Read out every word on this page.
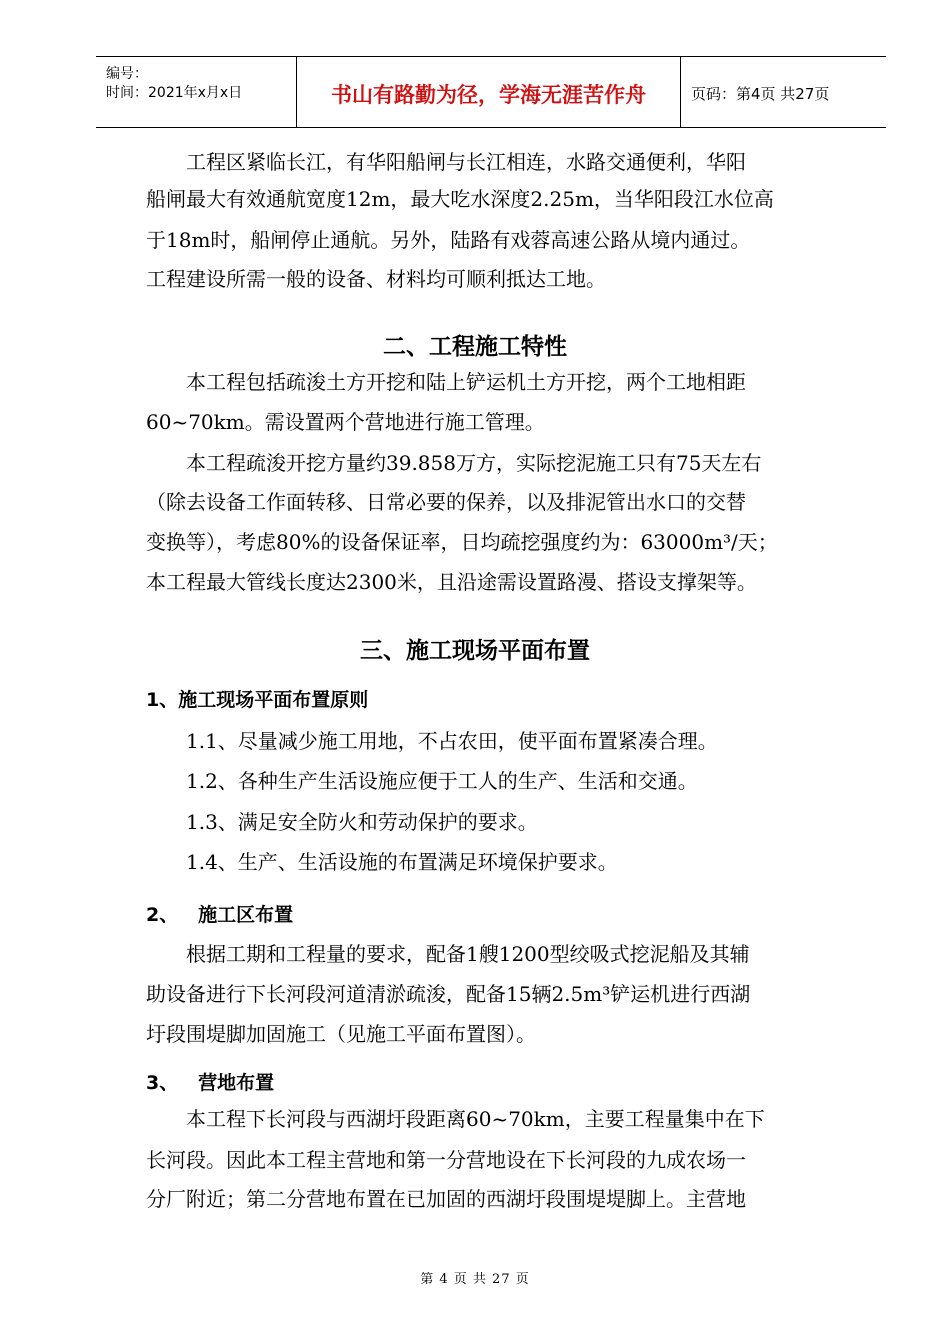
编号：
时间：2021年x月x日	书山有路勤为径，学海无涯苦作舟	页码：第4页 共27页
工程区紧临长江，有华阳船闸与长江相连，水路交通便利，华阳
船闸最大有效通航宽度12m，最大吃水深度2.25m，当华阳段江水位高
于18m时，船闸停止通航。另外，陆路有戏蓉高速公路从境内通过。
工程建设所需一般的设备、材料均可顺利抵达工地。
二、工程施工特性
本工程包括疏浚土方开挖和陆上铲运机土方开挖，两个工地相距
60~70km。需设置两个营地进行施工管理。
本工程疏浚开挖方量约39.858万方，实际挖泥施工只有75天左右
（除去设备工作面转移、日常必要的保养，以及排泥管出水口的交替
变换等），考虑80%的设备保证率，日均疏挖强度约为：63000m³/天；
本工程最大管线长度达2300米，且沿途需设置路漫、搭设支撑架等。
三、施工现场平面布置
1、施工现场平面布置原则
1.1、尽量减少施工用地，不占农田，使平面布置紧凑合理。
1.2、各种生产生活设施应便于工人的生产、生活和交通。
1.3、满足安全防火和劳动保护的要求。
1.4、生产、生活设施的布置满足环境保护要求。
2、   施工区布置
根据工期和工程量的要求，配备1艘1200型绞吸式挖泥船及其辅
助设备进行下长河段河道清淤疏浚，配备15辆2.5m³铲运机进行西湖
圩段围堤脚加固施工（见施工平面布置图）。
3、   营地布置
本工程下长河段与西湖圩段距离60~70km，主要工程量集中在下
长河段。因此本工程主营地和第一分营地设在下长河段的九成农场一
分厂附近；第二分营地布置在已加固的西湖圩段围堤堤脚上。主营地
第 4 页 共 27 页
